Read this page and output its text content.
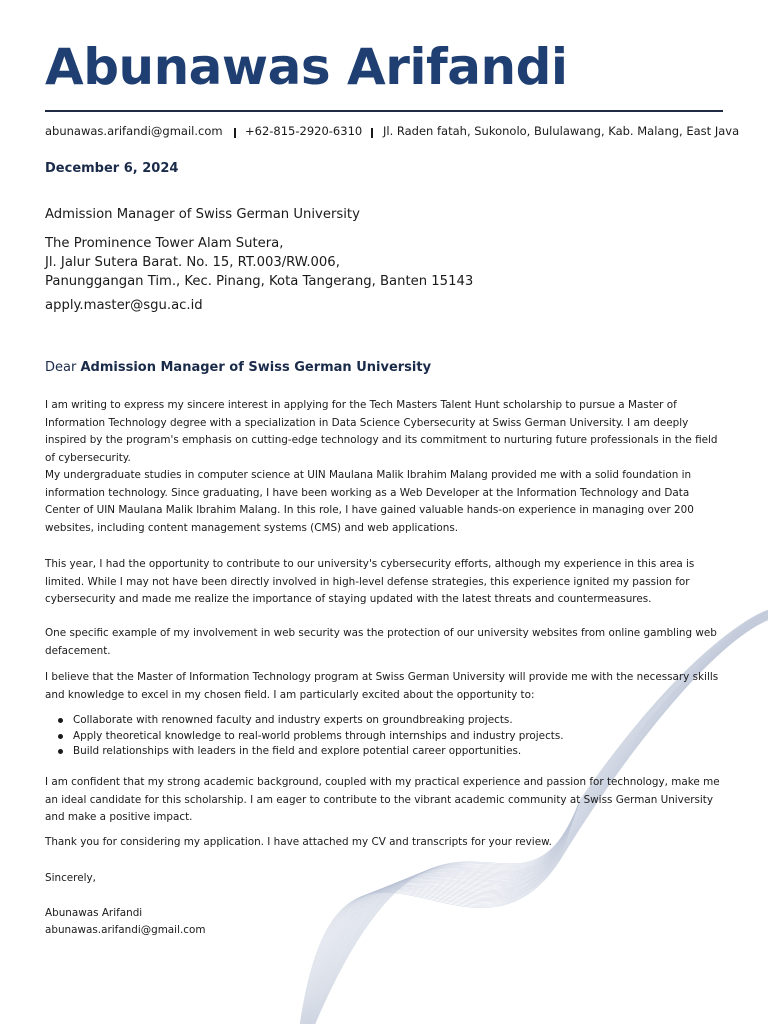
Abunawas Arifandi
abunawas.arifandi@gmail.com +62-815-2920-6310 Jl. Raden fatah, Sukonolo, Bululawang, Kab. Malang, East Java
December 6, 2024
Admission Manager of Swiss German University
The Prominence Tower Alam Sutera,
Jl. Jalur Sutera Barat. No. 15, RT.003/RW.006,
Panunggangan Tim., Kec. Pinang, Kota Tangerang, Banten 15143
apply.master@sgu.ac.id
Dear Admission Manager of Swiss German University

I am writing to express my sincere interest in applying for the Tech Masters Talent Hunt scholarship to pursue a Master of Information Technology degree with a specialization in Data Science Cybersecurity at Swiss German University. I am deeply inspired by the program's emphasis on cutting-edge technology and its commitment to nurturing future professionals in the field of cybersecurity.

My undergraduate studies in computer science at UIN Maulana Malik Ibrahim Malang provided me with a solid foundation in information technology. Since graduating, I have been working as a Web Developer at the Information Technology and Data Center of UIN Maulana Malik Ibrahim Malang. In this role, I have gained valuable hands-on experience in managing over 200 websites, including content management systems (CMS) and web applications.

This year, I had the opportunity to contribute to our university's cybersecurity efforts, although my experience in this area is limited. While I may not have been directly involved in high-level defense strategies, this experience ignited my passion for cybersecurity and made me realize the importance of staying updated with the latest threats and countermeasures.

One specific example of my involvement in web security was the protection of our university websites from online gambling web defacement.

I believe that the Master of Information Technology program at Swiss German University will provide me with the necessary skills and knowledge to excel in my chosen field. I am particularly excited about the opportunity to:

Collaborate with renowned faculty and industry experts on groundbreaking projects.
Apply theoretical knowledge to real-world problems through internships and industry projects.
Build relationships with leaders in the field and explore potential career opportunities.

I am confident that my strong academic background, coupled with my practical experience and passion for technology, make me an ideal candidate for this scholarship. I am eager to contribute to the vibrant academic community at Swiss German University and make a positive impact.

Thank you for considering my application. I have attached my CV and transcripts for your review.

Sincerely,
Abunawas Arifandi
abunawas.arifandi@gmail.com
